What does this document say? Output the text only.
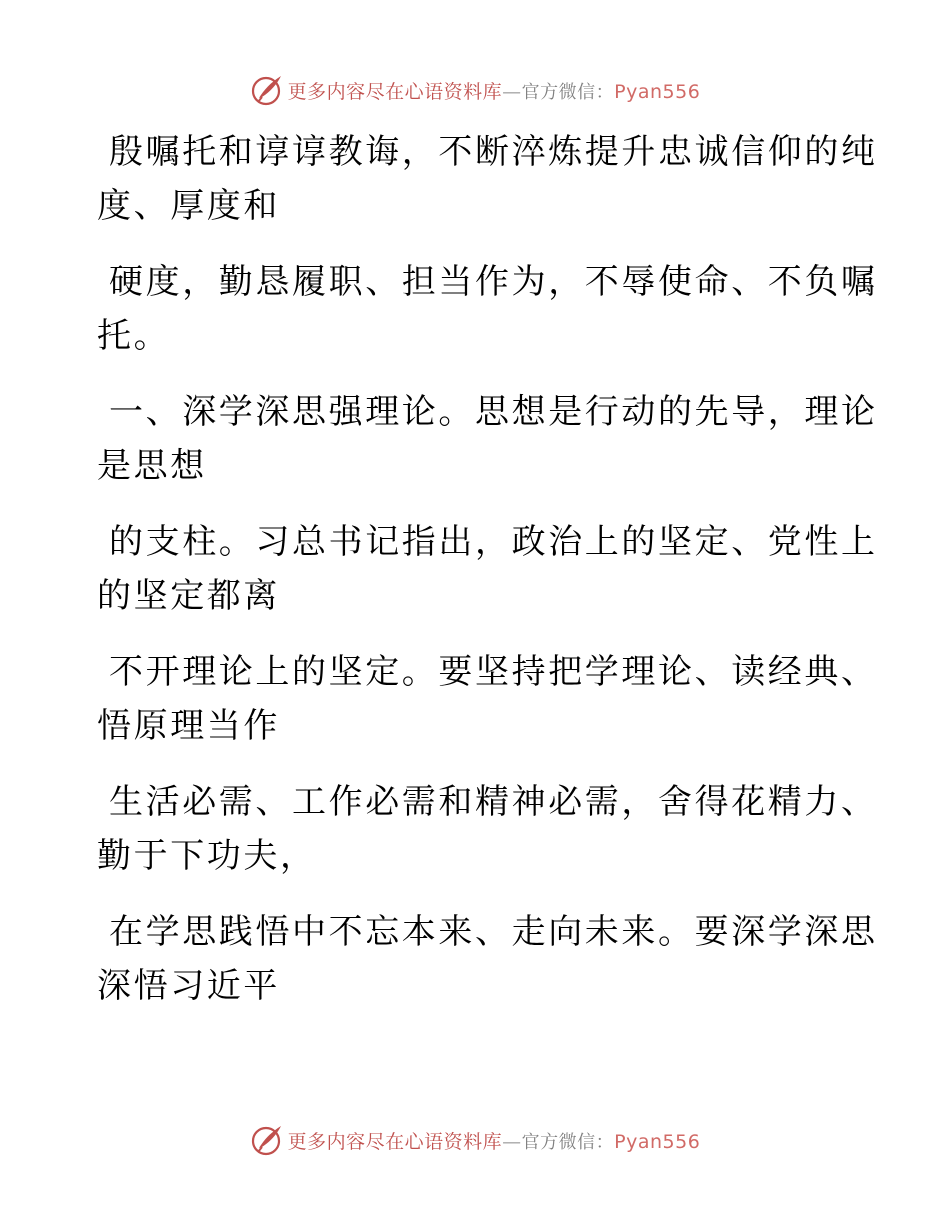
更多内容尽在心语资料库—官方微信：Pyan556

殷嘱托和谆谆教诲，不断淬炼提升忠诚信仰的纯
度、厚度和

硬度，勤恳履职、担当作为，不辱使命、不负嘱
托。

一、深学深思强理论。思想是行动的先导，理论
是思想

的支柱。习总书记指出，政治上的坚定、党性上
的坚定都离

不开理论上的坚定。要坚持把学理论、读经典、
悟原理当作

生活必需、工作必需和精神必需，舍得花精力、
勤于下功夫，

在学思践悟中不忘本来、走向未来。要深学深思
深悟习近平

更多内容尽在心语资料库—官方微信：Pyan556
